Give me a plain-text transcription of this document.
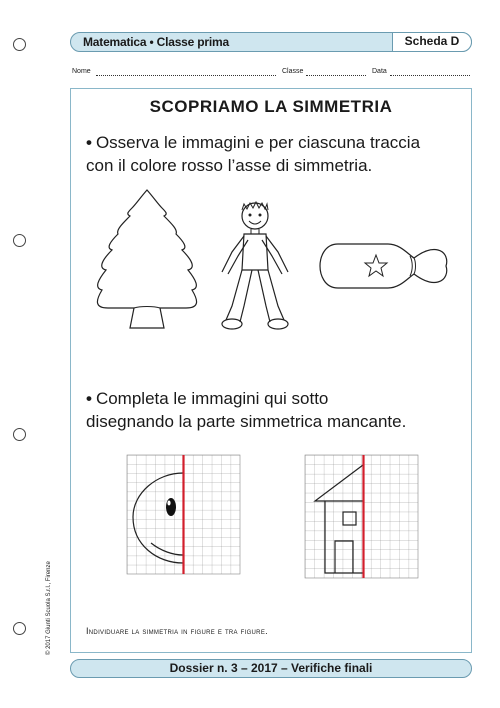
Matematica • Classe prima	Scheda D
Nome	Classe	Data
SCOPRIAMO LA SIMMETRIA
• Osserva le immagini e per ciascuna traccia
con il colore rosso l’asse di simmetria.
• Completa le immagini qui sotto
disegnando la parte simmetrica mancante.
Individuare la simmetria in figure e tra figure.
© 2017 Giunti Scuola S.r.l., Firenze
Dossier n. 3 – 2017 – Verifiche finali
